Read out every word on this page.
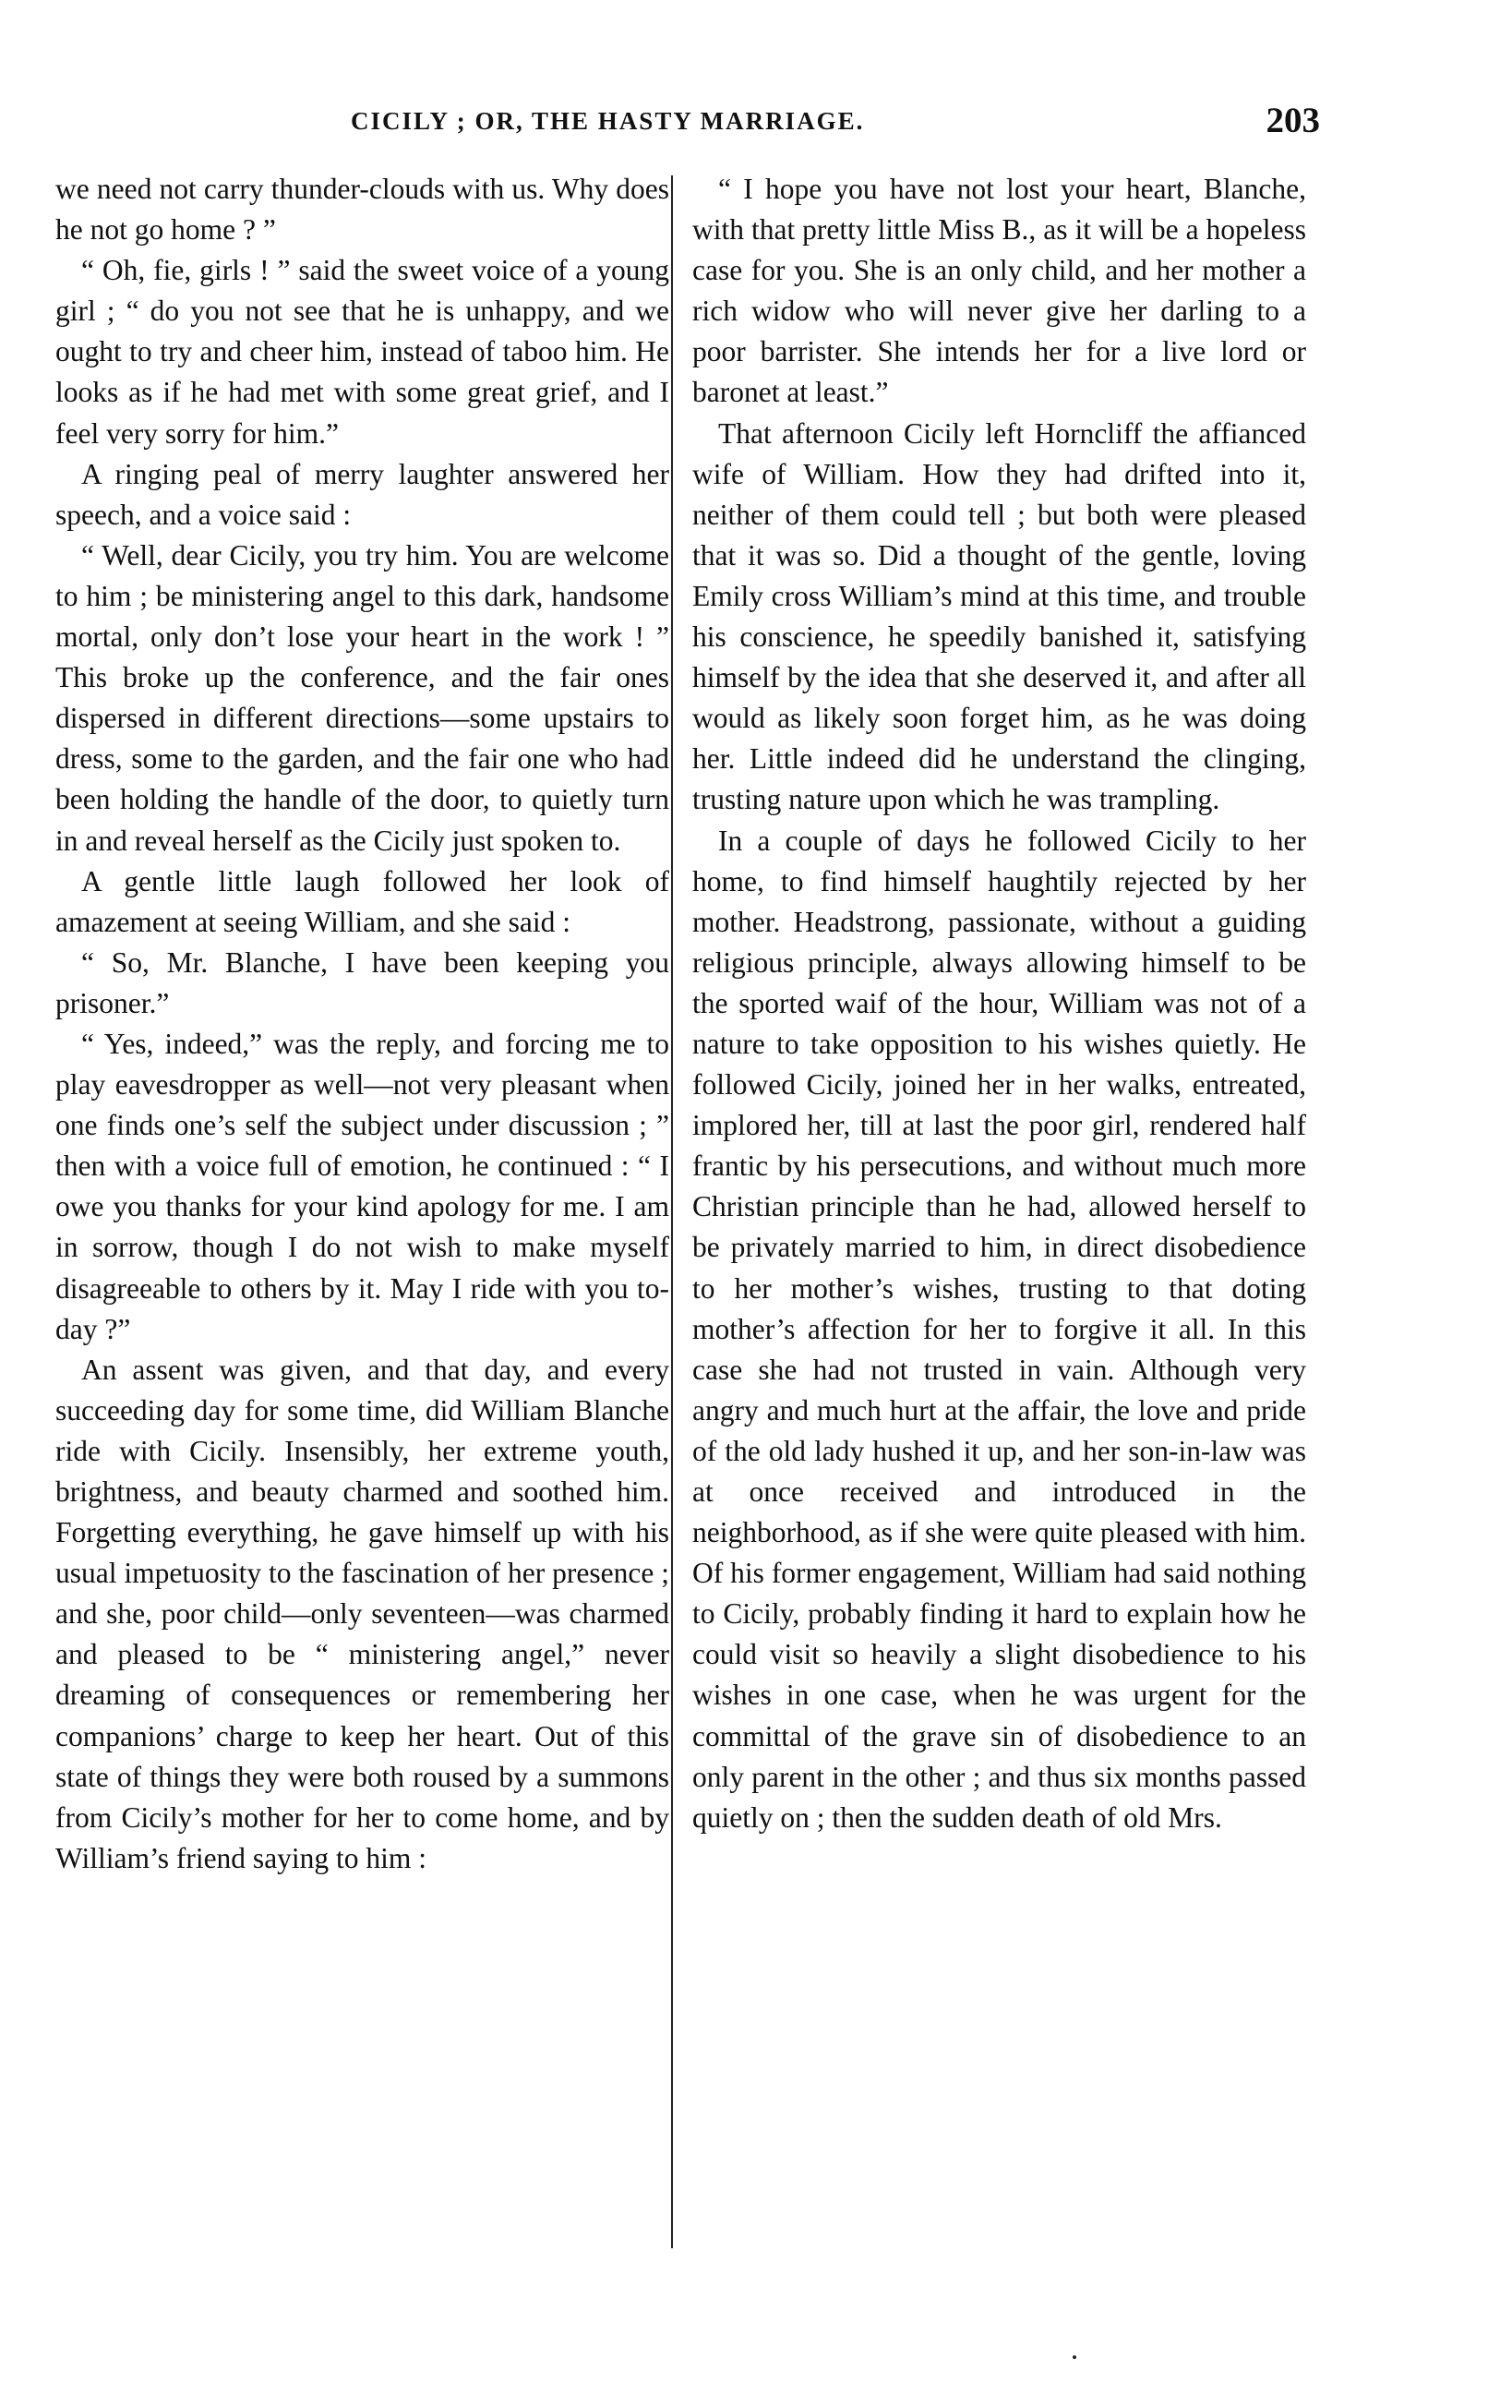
CICILY ; OR, THE HASTY MARRIAGE.	203

we need not carry thunder-clouds with us. Why does he not go home ? ”

“ Oh, fie, girls ! ” said the sweet voice of a young girl ; “ do you not see that he is unhappy, and we ought to try and cheer him, instead of taboo him. He looks as if he had met with some great grief, and I feel very sorry for him.”

A ringing peal of merry laughter answered her speech, and a voice said :

“ Well, dear Cicily, you try him. You are welcome to him ; be ministering angel to this dark, handsome mortal, only don’t lose your heart in the work ! ” This broke up the conference, and the fair ones dispersed in different directions—some upstairs to dress, some to the garden, and the fair one who had been holding the handle of the door, to quietly turn in and reveal herself as the Cicily just spoken to.

A gentle little laugh followed her look of amazement at seeing William, and she said :

“ So, Mr. Blanche, I have been keeping you prisoner.”

“ Yes, indeed,” was the reply, and forcing me to play eavesdropper as well—not very pleasant when one finds one’s self the subject under discussion ; ” then with a voice full of emotion, he continued : “ I owe you thanks for your kind apology for me. I am in sorrow, though I do not wish to make myself disagreeable to others by it. May I ride with you to-day ?”

An assent was given, and that day, and every succeeding day for some time, did William Blanche ride with Cicily. Insensibly, her extreme youth, brightness, and beauty charmed and soothed him. Forgetting everything, he gave himself up with his usual impetuosity to the fascination of her presence ; and she, poor child—only seventeen—was charmed and pleased to be “ ministering angel,” never dreaming of consequences or remembering her companions’ charge to keep her heart. Out of this state of things they were both roused by a summons from Cicily’s mother for her to come home, and by William’s friend saying to him :

“ I hope you have not lost your heart, Blanche, with that pretty little Miss B., as it will be a hopeless case for you. She is an only child, and her mother a rich widow who will never give her darling to a poor barrister. She intends her for a live lord or baronet at least.”

That afternoon Cicily left Horncliff the affianced wife of William. How they had drifted into it, neither of them could tell ; but both were pleased that it was so. Did a thought of the gentle, loving Emily cross William’s mind at this time, and trouble his conscience, he speedily banished it, satisfying himself by the idea that she deserved it, and after all would as likely soon forget him, as he was doing her. Little indeed did he understand the clinging, trusting nature upon which he was trampling.

In a couple of days he followed Cicily to her home, to find himself haughtily rejected by her mother. Headstrong, passionate, without a guiding religious principle, always allowing himself to be the sported waif of the hour, William was not of a nature to take opposition to his wishes quietly. He followed Cicily, joined her in her walks, entreated, implored her, till at last the poor girl, rendered half frantic by his persecutions, and without much more Christian principle than he had, allowed herself to be privately married to him, in direct disobedience to her mother’s wishes, trusting to that doting mother’s affection for her to forgive it all. In this case she had not trusted in vain. Although very angry and much hurt at the affair, the love and pride of the old lady hushed it up, and her son-in-law was at once received and introduced in the neighborhood, as if she were quite pleased with him. Of his former engagement, William had said nothing to Cicily, probably finding it hard to explain how he could visit so heavily a slight disobedience to his wishes in one case, when he was urgent for the committal of the grave sin of disobedience to an only parent in the other ; and thus six months passed quietly on ; then the sudden death of old Mrs.
